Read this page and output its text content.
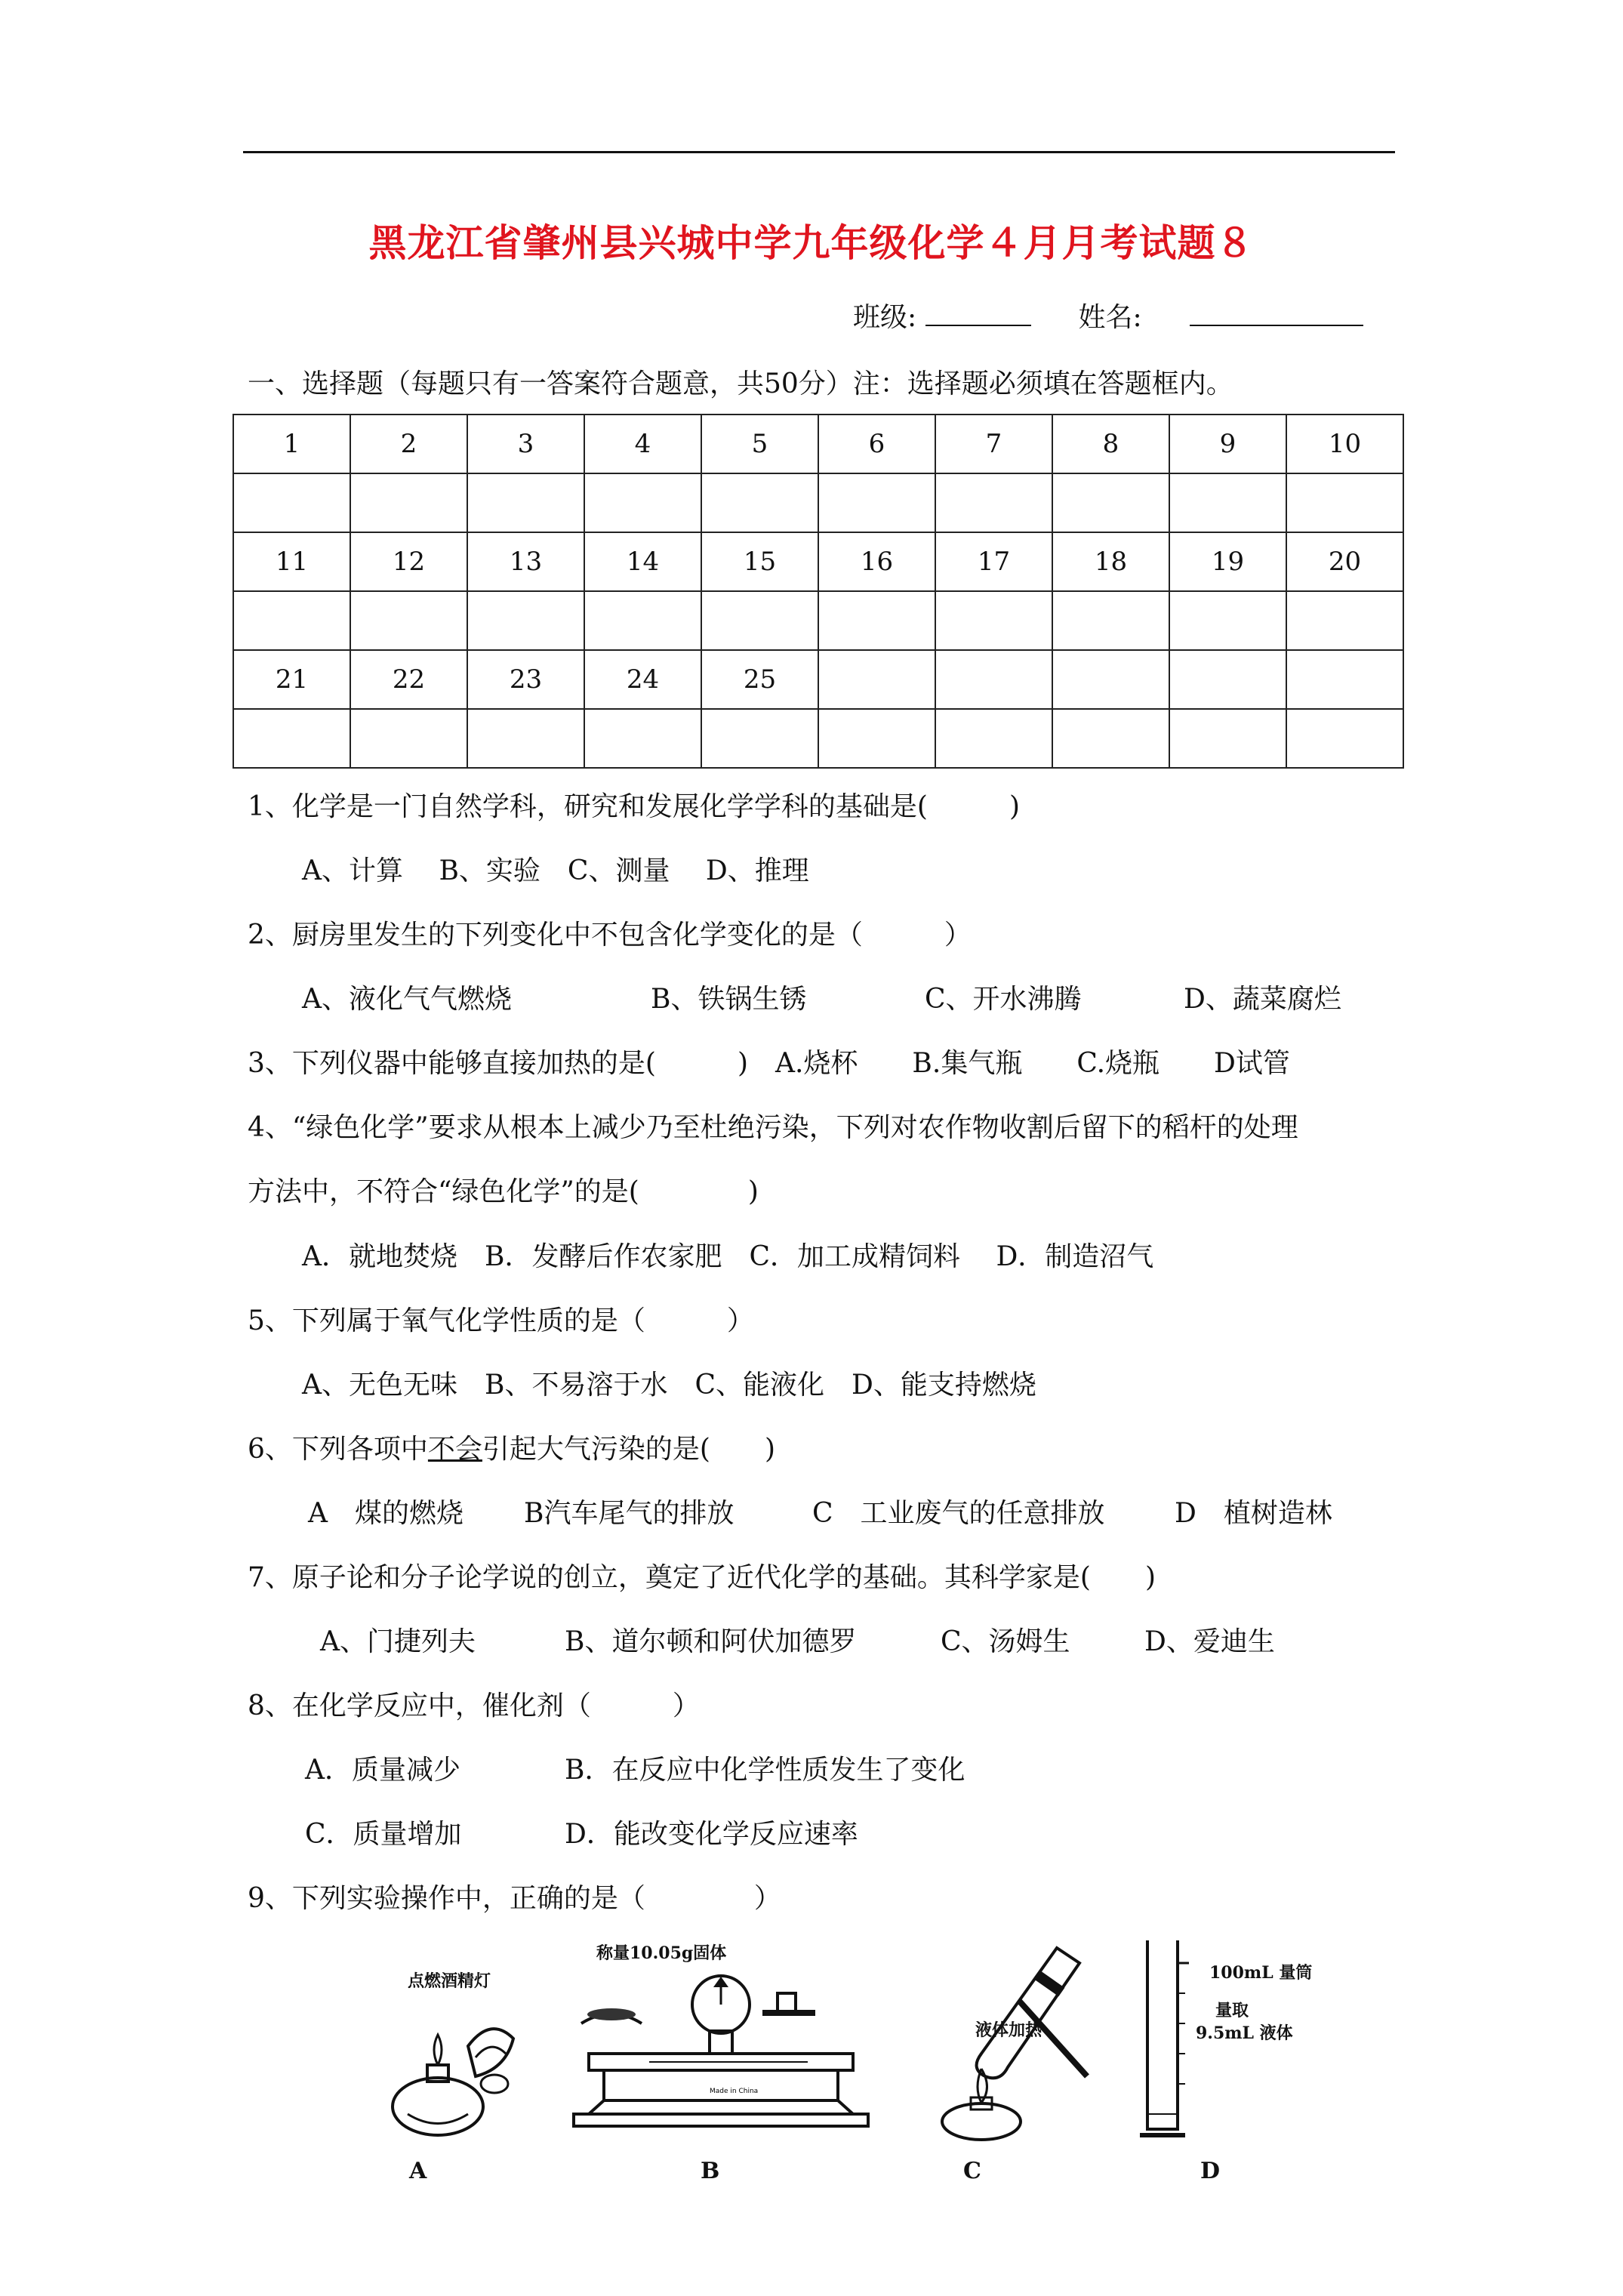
黑龙江省肇州县兴城中学九年级化学４月月考试题８
班级:	姓名:
一、选择题（每题只有一答案符合题意，共50分）注：选择题必须填在答题框内。
1	2	3	4	5	6	7	8	9	10

11	12	13	14	15	16	17	18	19	20

21	22	23	24	25					

1、化学是一门自然学科，研究和发展化学学科的基础是(　　　)
A、计算　 B、实验　C、测量　 D、推理
2、厨房里发生的下列变化中不包含化学变化的是（　　　）
A、液化气气燃烧	B、铁锅生锈	C、开水沸腾	D、蔬菜腐烂
3、下列仪器中能够直接加热的是(　　　)　A.烧杯　　B.集气瓶　　C.烧瓶　　D试管
4、“绿色化学”要求从根本上减少乃至杜绝污染，下列对农作物收割后留下的稻杆的处理
方法中，不符合“绿色化学”的是(　　　　)
A．就地焚烧　B．发酵后作农家肥　C．加工成精饲料　 D．制造沼气
5、下列属于氧气化学性质的是（　　　）
A、无色无味　B、不易溶于水　C、能液化　D、能支持燃烧
6、下列各项中不会引起大气污染的是(　　)
A　煤的燃烧 B汽车尾气的排放	C　工业废气的任意排放	D　植树造林
7、原子论和分子论学说的创立，奠定了近代化学的基础。其科学家是(　　)
A、门捷列夫	B、道尔顿和阿伏加德罗	C、汤姆生	D、爱迪生
8、在化学反应中，催化剂（　　　）
A．质量减少	B．在反应中化学性质发生了变化
C．质量增加	D．能改变化学反应速率
9、下列实验操作中，正确的是（　　　　）
点燃酒精灯
A
称量10.05g固体
Made in China
B
液体加热
C
100mL 量筒
量取
9.5mL 液体
D
